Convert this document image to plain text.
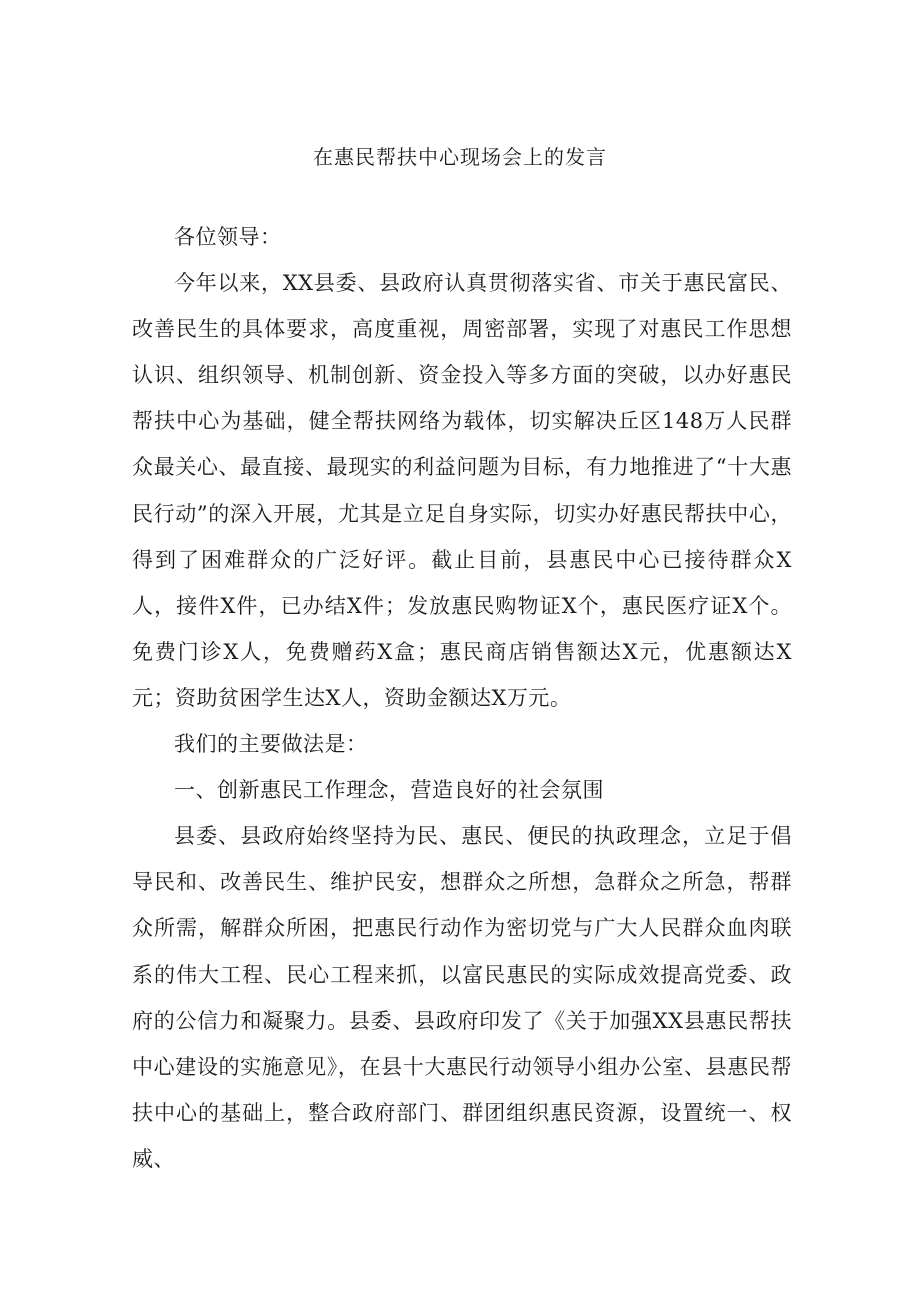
在惠民帮扶中心现场会上的发言

各位领导：

今年以来，XX县委、县政府认真贯彻落实省、市关于惠民富民、改善民生的具体要求，高度重视，周密部署，实现了对惠民工作思想认识、组织领导、机制创新、资金投入等多方面的突破，以办好惠民帮扶中心为基础，健全帮扶网络为载体，切实解决丘区148万人民群众最关心、最直接、最现实的利益问题为目标，有力地推进了“十大惠民行动”的深入开展，尤其是立足自身实际，切实办好惠民帮扶中心，得到了困难群众的广泛好评。截止目前，县惠民中心已接待群众X人，接件X件，已办结X件；发放惠民购物证X个，惠民医疗证X个。免费门诊X人，免费赠药X盒；惠民商店销售额达X元，优惠额达X元；资助贫困学生达X人，资助金额达X万元。

我们的主要做法是：

一、创新惠民工作理念，营造良好的社会氛围

县委、县政府始终坚持为民、惠民、便民的执政理念，立足于倡导民和、改善民生、维护民安，想群众之所想，急群众之所急，帮群众所需，解群众所困，把惠民行动作为密切党与广大人民群众血肉联系的伟大工程、民心工程来抓，以富民惠民的实际成效提高党委、政府的公信力和凝聚力。县委、县政府印发了《关于加强XX县惠民帮扶中心建设的实施意见》，在县十大惠民行动领导小组办公室、县惠民帮扶中心的基础上，整合政府部门、群团组织惠民资源，设置统一、权威、
